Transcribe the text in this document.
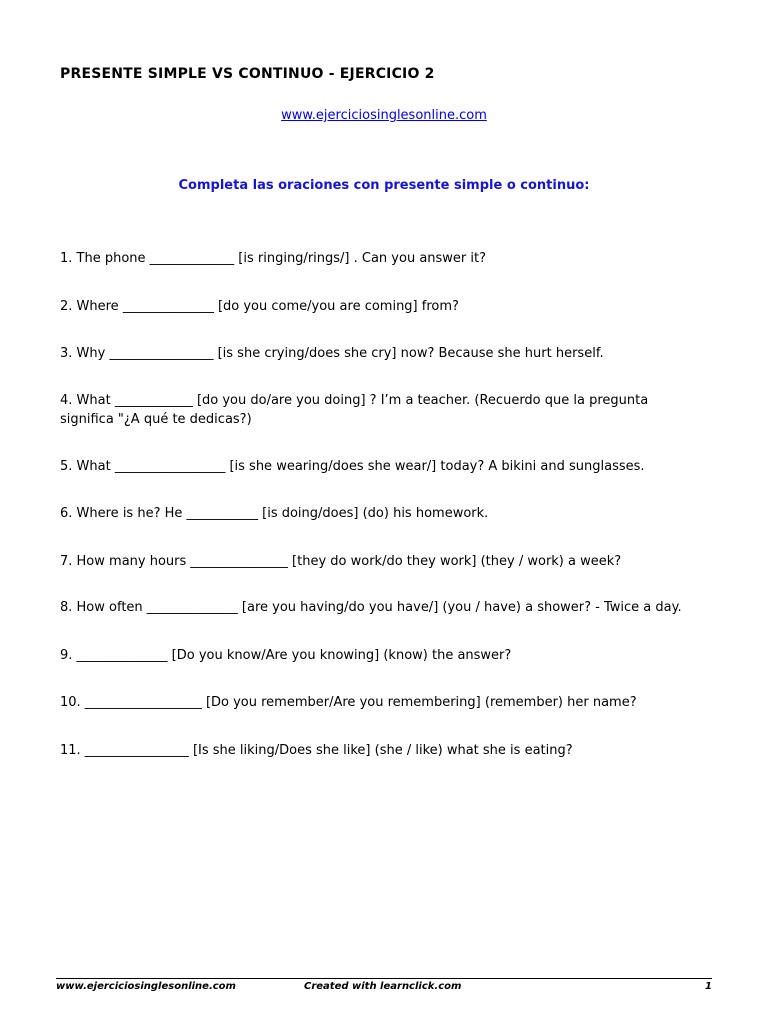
PRESENTE SIMPLE VS CONTINUO - EJERCICIO 2
www.ejerciciosinglesonline.com
Completa las oraciones con presente simple o continuo:
1. The phone _____________ [is ringing/rings/] . Can you answer it?
2. Where ______________ [do you come/you are coming] from?
3. Why ________________ [is she crying/does she cry] now? Because she hurt herself.
4. What ____________ [do you do/are you doing] ? I’m a teacher. (Recuerdo que la pregunta significa "¿A qué te dedicas?)
5. What _________________ [is she wearing/does she wear/] today? A bikini and sunglasses.
6. Where is he? He ___________ [is doing/does] (do) his homework.
7. How many hours _______________ [they do work/do they work] (they / work) a week?
8. How often ______________ [are you having/do you have/] (you / have) a shower? - Twice a day.
9. ______________ [Do you know/Are you knowing] (know) the answer?
10. __________________ [Do you remember/Are you remembering] (remember) her name?
11. ________________ [Is she liking/Does she like] (she / like) what she is eating?
www.ejerciciosinglesonline.com	Created with learnclick.com	1
